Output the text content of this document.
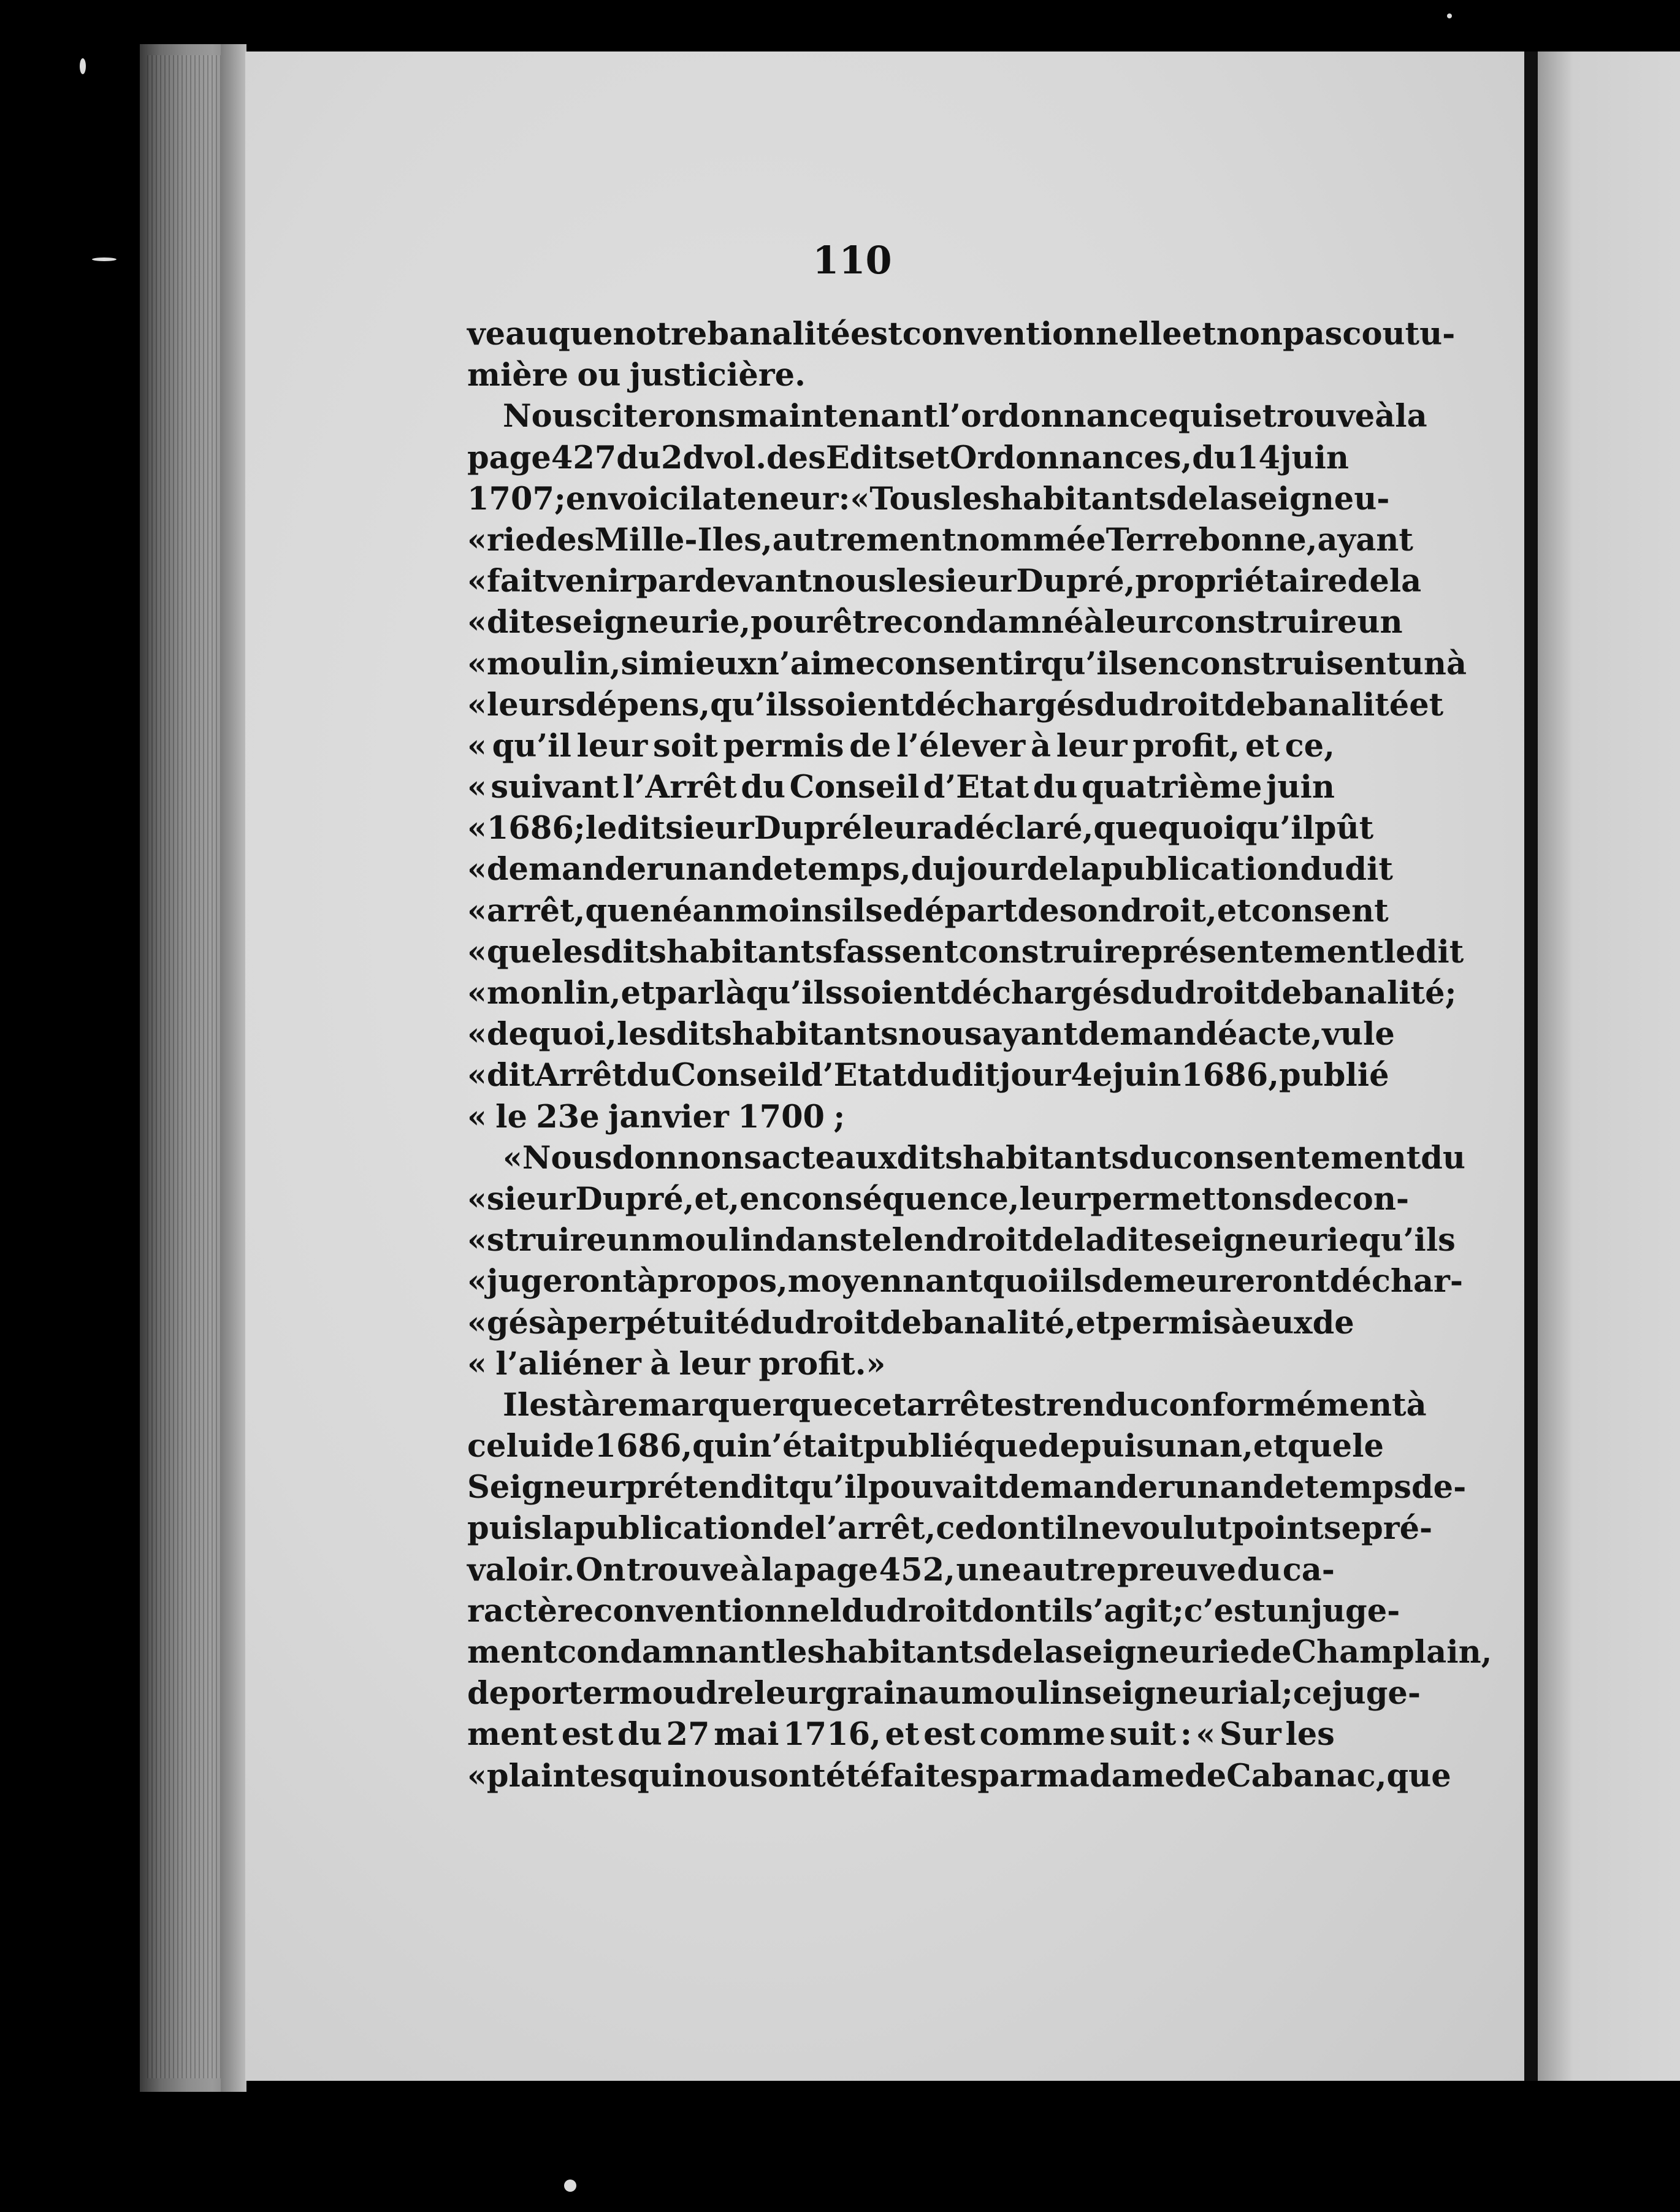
110
veau que notre banalité est conventionnelle et non pas coutu-
mière ou justicière.
Nous citerons maintenant l’ordonnance qui se trouve à la
page 427 du 2d vol. des Edits et Ordonnances, du 14 juin
1707 ; en voici la teneur : « Tous les habitants de la seigneu-
« rie des Mille-Iles, autrement nommée Terrebonne, ayant
« fait venir par devant nous le sieur Dupré, propriétaire de la
« dite seigneurie, pour être condamné à leur construire un
« moulin, si mieux n’aime consentir qu’ils en construisent un à
« leurs dépens, qu’ils soient déchargés du droit de banalité et
« qu’il leur soit permis de l’élever à leur profit, et ce,
« suivant l’Arrêt du Conseil d’Etat du quatrième juin
« 1686 ; le dit sieur Dupré leur a déclaré, que quoiqu’il pût
« demander un an de temps, du jour de la publication du dit
« arrêt, que néanmoins il se départ de son droit, et consent
« que les dits habitants fassent construire présentement le dit
« monlin, et par là qu’ils soient déchargés du droit de banalité ;
« de quoi, les dits habitants nous ayant demandé acte, vu le
« dit Arrêt du Conseil d’Etat du dit jour 4e juin 1686, publié
« le 23e janvier 1700 ;
« Nous donnons acte aux dits habitants du consentement du
« sieur Dupré, et, en conséquence, leur permettons de con-
« struire un moulin dans tel endroit de la dite seigneurie qu’ils
« jugeront à propos, moyennant quoi ils demeureront déchar-
« gés à perpétuité du droit de banalité, et permis à eux de
« l’aliéner à leur profit.»
Il est à remarquer que cet arrêt est rendu conformément à
celui de 1686, qui n’était publié que depuis un an, et que le
Seigneur prétendit qu’il pouvait demander un an de temps de-
puis la publication de l’arrêt, ce dont il ne voulut point se pré-
valoir. On trouve à la page 452, une autre preuve du ca-
ractère conventionnel du droit dont il s’agit ; c’est un juge-
ment condamnant les habitants de la seigneurie de Champlain,
de porter moudre leur grain au moulin seigneurial ; ce juge-
ment est du 27 mai 1716, et est comme suit : « Sur les
« plaintes qui nous ont été faites par madame de Cabanac, que
